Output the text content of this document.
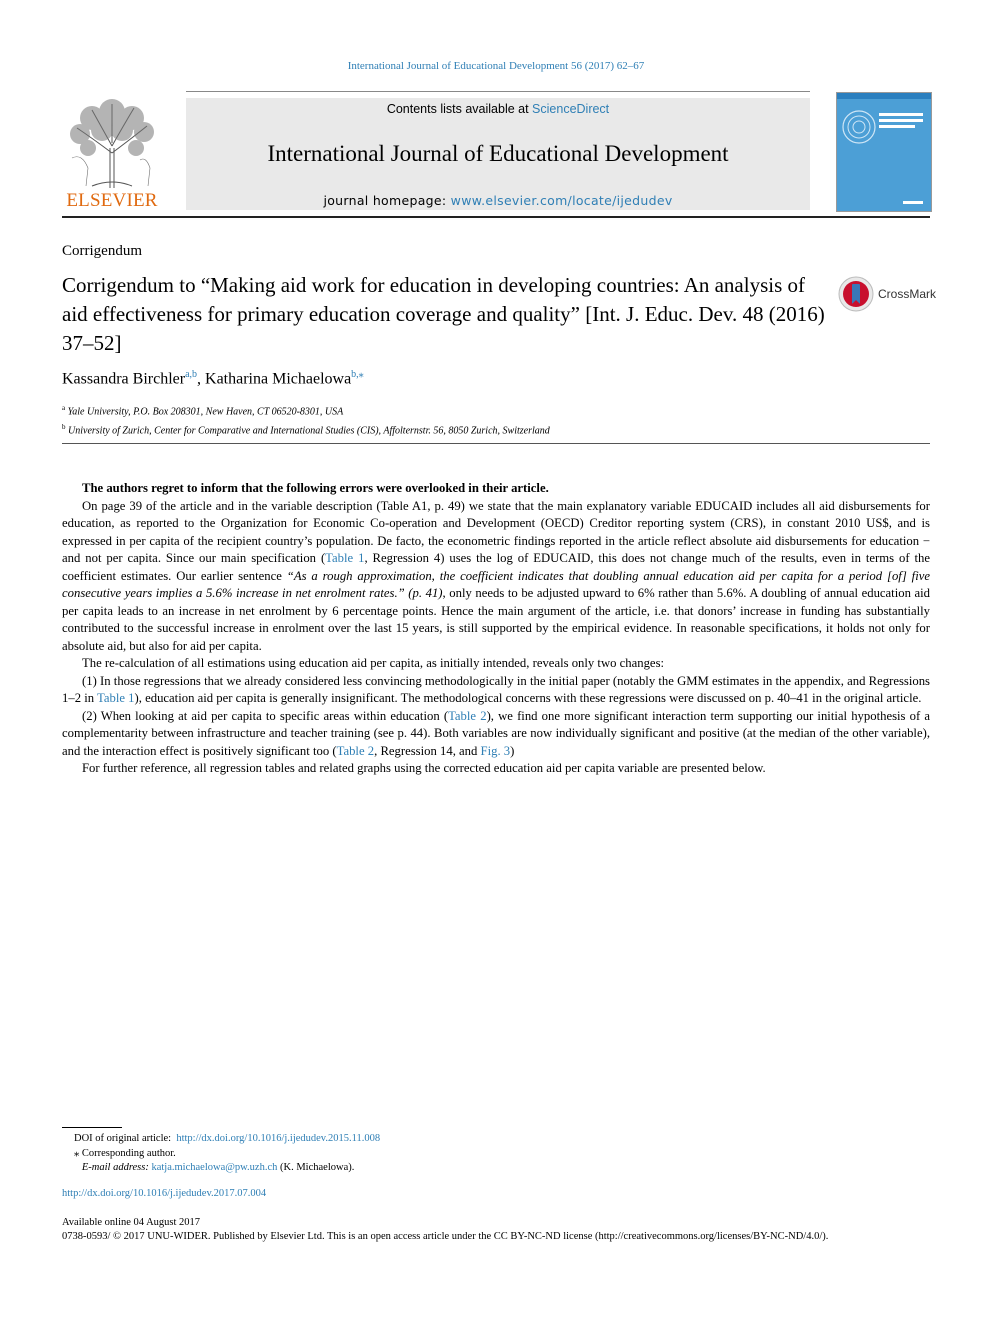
International Journal of Educational Development 56 (2017) 62–67
ELSEVIER
Contents lists available at ScienceDirect
International Journal of Educational Development
journal homepage: www.elsevier.com/locate/ijedudev
Corrigendum
Corrigendum to “Making aid work for education in developing countries: An analysis of aid effectiveness for primary education coverage and quality” [Int. J. Educ. Dev. 48 (2016) 37–52]
CrossMark
Kassandra Birchler$^{a,b}$, Katharina Michaelowa$^{b,⁎}$
$^a$ Yale University, P.O. Box 208301, New Haven, CT 06520-8301, USA
$^b$ University of Zurich, Center for Comparative and International Studies (CIS), Affolternstr. 56, 8050 Zurich, Switzerland

The authors regret to inform that the following errors were overlooked in their article.

On page 39 of the article and in the variable description (Table A1, p. 49) we state that the main explanatory variable EDUCAID includes all aid disbursements for education, as reported to the Organization for Economic Co-operation and Development (OECD) Creditor reporting system (CRS), in constant 2010 US$, and is expressed in per capita of the recipient country’s population. De facto, the econometric findings reported in the article reflect absolute aid disbursements for education − and not per capita. Since our main specification (Table 1, Regression 4) uses the log of EDUCAID, this does not change much of the results, even in terms of the coefficient estimates. Our earlier sentence “As a rough approximation, the coefficient indicates that doubling annual education aid per capita for a period [of] five consecutive years implies a 5.6% increase in net enrolment rates.” (p. 41), only needs to be adjusted upward to 6% rather than 5.6%. A doubling of annual education aid per capita leads to an increase in net enrolment by 6 percentage points. Hence the main argument of the article, i.e. that donors’ increase in funding has substantially contributed to the successful increase in enrolment over the last 15 years, is still supported by the empirical evidence. In reasonable specifications, it holds not only for absolute aid, but also for aid per capita.

The re-calculation of all estimations using education aid per capita, as initially intended, reveals only two changes:

(1) In those regressions that we already considered less convincing methodologically in the initial paper (notably the GMM estimates in the appendix, and Regressions 1–2 in Table 1), education aid per capita is generally insignificant. The methodological concerns with these regressions were discussed on p. 40–41 in the original article.

(2) When looking at aid per capita to specific areas within education (Table 2), we find one more significant interaction term supporting our initial hypothesis of a complementarity between infrastructure and teacher training (see p. 44). Both variables are now individually significant and positive (at the median of the other variable), and the interaction effect is positively significant too (Table 2, Regression 14, and Fig. 3)

For further reference, all regression tables and related graphs using the corrected education aid per capita variable are presented below.

DOI of original article: http://dx.doi.org/10.1016/j.ijedudev.2015.11.008
⁎ Corresponding author.
E-mail address: katja.michaelowa@pw.uzh.ch (K. Michaelowa).
http://dx.doi.org/10.1016/j.ijedudev.2017.07.004
Available online 04 August 2017
0738-0593/ © 2017 UNU-WIDER. Published by Elsevier Ltd. This is an open access article under the CC BY-NC-ND license (http://creativecommons.org/licenses/BY-NC-ND/4.0/).
